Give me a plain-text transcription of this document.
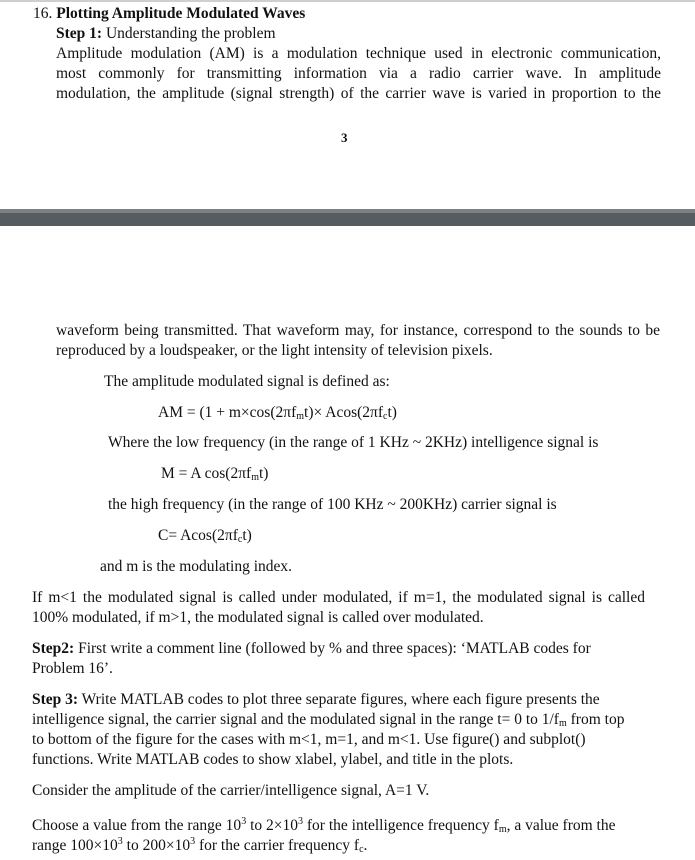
16. Plotting Amplitude Modulated Waves
Step 1: Understanding the problem
Amplitude modulation (AM) is a modulation technique used in electronic communication,
most commonly for transmitting information via a radio carrier wave. In amplitude
modulation, the amplitude (signal strength) of the carrier wave is varied in proportion to the
3
waveform being transmitted. That waveform may, for instance, correspond to the sounds to be
reproduced by a loudspeaker, or the light intensity of television pixels.
The amplitude modulated signal is defined as:
AM = (1 + m×cos(2πfmt)× Acos(2πfct)
Where the low frequency (in the range of 1 KHz ~ 2KHz) intelligence signal is
M = A cos(2πfmt)
the high frequency (in the range of 100 KHz ~ 200KHz) carrier signal is
C= Acos(2πfct)
and m is the modulating index.
If m<1 the modulated signal is called under modulated, if m=1, the modulated signal is called
100% modulated, if m>1, the modulated signal is called over modulated.
Step2: First write a comment line (followed by % and three spaces): ‘MATLAB codes for
Problem 16’.
Step 3: Write MATLAB codes to plot three separate figures, where each figure presents the
intelligence signal, the carrier signal and the modulated signal in the range t= 0 to 1/fm from top
to bottom of the figure for the cases with m<1, m=1, and m<1. Use figure() and subplot()
functions. Write MATLAB codes to show xlabel, ylabel, and title in the plots.
Consider the amplitude of the carrier/intelligence signal, A=1 V.
Choose a value from the range $10^3$ to $2\times 10^3$ for the intelligence frequency fm, a value from the
range $100\times 10^3$ to $200\times 10^3$ for the carrier frequency fc.
